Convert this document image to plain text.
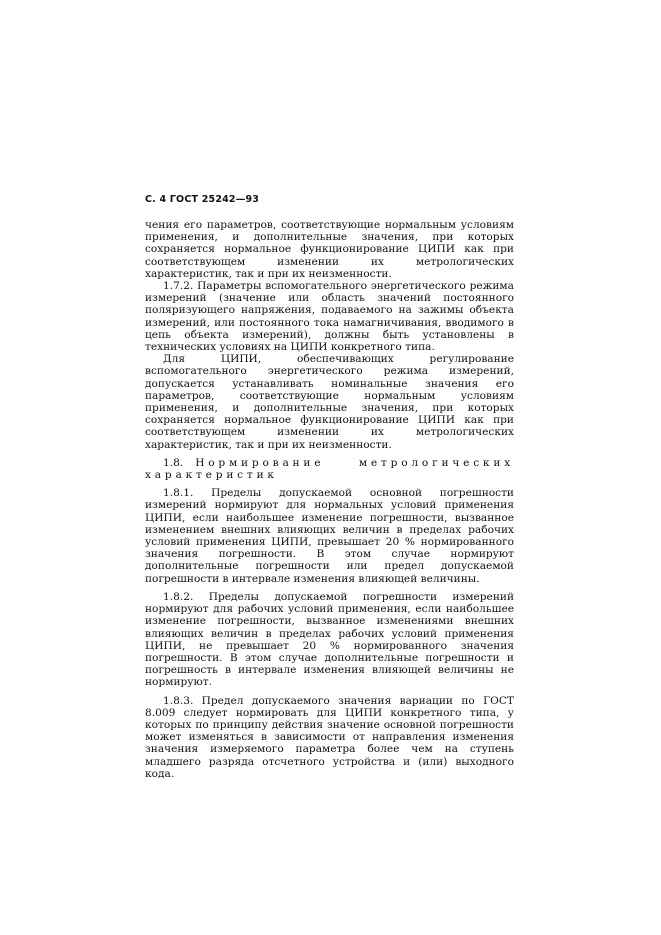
С. 4 ГОСТ 25242—93

чения его параметров, соответствующие нормальным условиям применения, и дополнительные значения, при которых сохраняется нормальное функционирование ЦИПИ как при соответствующем изменении их метрологических характеристик, так и при их неизменности.

1.7.2. Параметры вспомогательного энергетического режима измерений (значение или область значений постоянного поляризующего напряжения, подаваемого на зажимы объекта измерений, или постоянного тока намагничивания, вводимого в цепь объекта измерений), должны быть установлены в технических условиях на ЦИПИ конкретного типа.

Для ЦИПИ, обеспечивающих регулирование вспомогательного энергетического режима измерений, допускается устанавливать номинальные значения его параметров, соответствующие нормальным условиям применения, и дополнительные значения, при которых сохраняется нормальное функционирование ЦИПИ как при соответствующем изменении их метрологических характеристик, так и при их неизменности.

1.8. Нормирование метрологических характеристик

1.8.1. Пределы допускаемой основной погрешности измерений нормируют для нормальных условий применения ЦИПИ, если наибольшее изменение погрешности, вызванное изменением внешних влияющих величин в пределах рабочих условий применения ЦИПИ, превышает 20 % нормированного значения погрешности. В этом случае нормируют дополнительные погрешности или предел допускаемой погрешности в интервале изменения влияющей величины.

1.8.2. Пределы допускаемой погрешности измерений нормируют для рабочих условий применения, если наибольшее изменение погрешности, вызванное изменениями внешних влияющих величин в пределах рабочих условий применения ЦИПИ, не превышает 20 % нормированного значения погрешности. В этом случае дополнительные погрешности и погрешность в интервале изменения влияющей величины не нормируют.

1.8.3. Предел допускаемого значения вариации по ГОСТ 8.009 следует нормировать для ЦИПИ конкретного типа, у которых по принципу действия значение основной погрешности может изменяться в зависимости от направления изменения значения измеряемого параметра более чем на ступень младшего разряда отсчетного устройства и (или) выходного кода.
